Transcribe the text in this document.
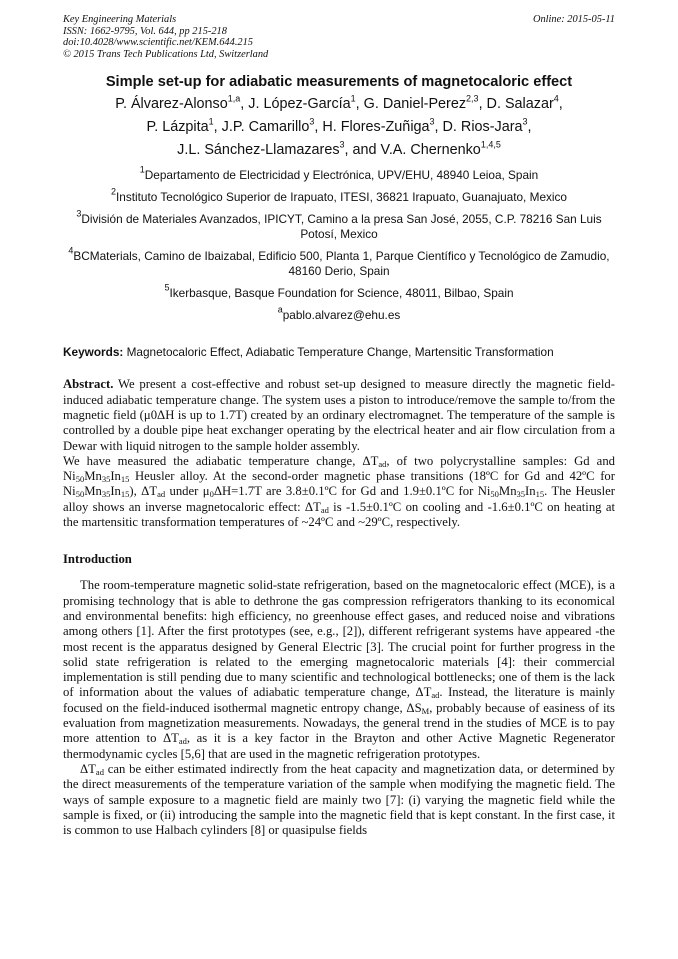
Key Engineering Materials
ISSN: 1662-9795, Vol. 644, pp 215-218
doi:10.4028/www.scientific.net/KEM.644.215
© 2015 Trans Tech Publications Ltd, Switzerland
Online: 2015-05-11
Simple set-up for adiabatic measurements of magnetocaloric effect
P. Álvarez-Alonso$^{1,a}$, J. López-García$^1$, G. Daniel-Perez$^{2,3}$, D. Salazar$^4$,
P. Lázpita$^1$, J.P. Camarillo$^3$, H. Flores-Zuñiga$^3$, D. Rios-Jara$^3$,
J.L. Sánchez-Llamazares$^3$, and V.A. Chernenko$^{1,4,5}$
$^1$Departamento de Electricidad y Electrónica, UPV/EHU, 48940 Leioa, Spain
$^2$Instituto Tecnológico Superior de Irapuato, ITESI, 36821 Irapuato, Guanajuato, Mexico
$^3$División de Materiales Avanzados, IPICYT, Camino a la presa San José, 2055, C.P. 78216 San Luis Potosí, Mexico
$^4$BCMaterials, Camino de Ibaizabal, Edificio 500, Planta 1, Parque Científico y Tecnológico de Zamudio, 48160 Derio, Spain
$^5$Ikerbasque, Basque Foundation for Science, 48011, Bilbao, Spain
$^a$pablo.alvarez@ehu.es
Keywords: Magnetocaloric Effect, Adiabatic Temperature Change, Martensitic Transformation

Abstract. We present a cost-effective and robust set-up designed to measure directly the magnetic field-induced adiabatic temperature change. The system uses a piston to introduce/remove the sample to/from the magnetic field (μ0ΔH is up to 1.7T) created by an ordinary electromagnet. The temperature of the sample is controlled by a double pipe heat exchanger operating by the electrical heater and air flow circulation from a Dewar with liquid nitrogen to the sample holder assembly.

We have measured the adiabatic temperature change, $\Delta T_{ad}$, of two polycrystalline samples: Gd and $Ni_{50}Mn_{35}In_{15}$ Heusler alloy. At the second-order magnetic phase transitions (18ºC for Gd and 42ºC for $Ni_{50}Mn_{35}In_{15}$), $\Delta T_{ad}$ under $\mu_0\Delta H=1.7T$ are 3.8±0.1ºC for Gd and 1.9±0.1ºC for $Ni_{50}Mn_{35}In_{15}$. The Heusler alloy shows an inverse magnetocaloric effect: $\Delta T_{ad}$ is -1.5±0.1ºC on cooling and -1.6±0.1ºC on heating at the martensitic transformation temperatures of ~24ºC and ~29ºC, respectively.

Introduction

The room-temperature magnetic solid-state refrigeration, based on the magnetocaloric effect (MCE), is a promising technology that is able to dethrone the gas compression refrigerators thanking to its economical and environmental benefits: high efficiency, no greenhouse effect gases, and reduced noise and vibrations among others [1]. After the first prototypes (see, e.g., [2]), different refrigerant systems have appeared -the most recent is the apparatus designed by General Electric [3]. The crucial point for further progress in the solid state refrigeration is related to the emerging magnetocaloric materials [4]: their commercial implementation is still pending due to many scientific and technological bottlenecks; one of them is the lack of information about the values of adiabatic temperature change, $\Delta T_{ad}$. Instead, the literature is mainly focused on the field-induced isothermal magnetic entropy change, $\Delta S_M$, probably because of easiness of its evaluation from magnetization measurements. Nowadays, the general trend in the studies of MCE is to pay more attention to $\Delta T_{ad}$, as it is a key factor in the Brayton and other Active Magnetic Regenerator thermodynamic cycles [5,6] that are used in the magnetic refrigeration prototypes.

$\Delta T_{ad}$ can be either estimated indirectly from the heat capacity and magnetization data, or determined by the direct measurements of the temperature variation of the sample when modifying the magnetic field. The ways of sample exposure to a magnetic field are mainly two [7]: (i) varying the magnetic field while the sample is fixed, or (ii) introducing the sample into the magnetic field that is kept constant. In the first case, it is common to use Halbach cylinders [8] or quasipulse fields
